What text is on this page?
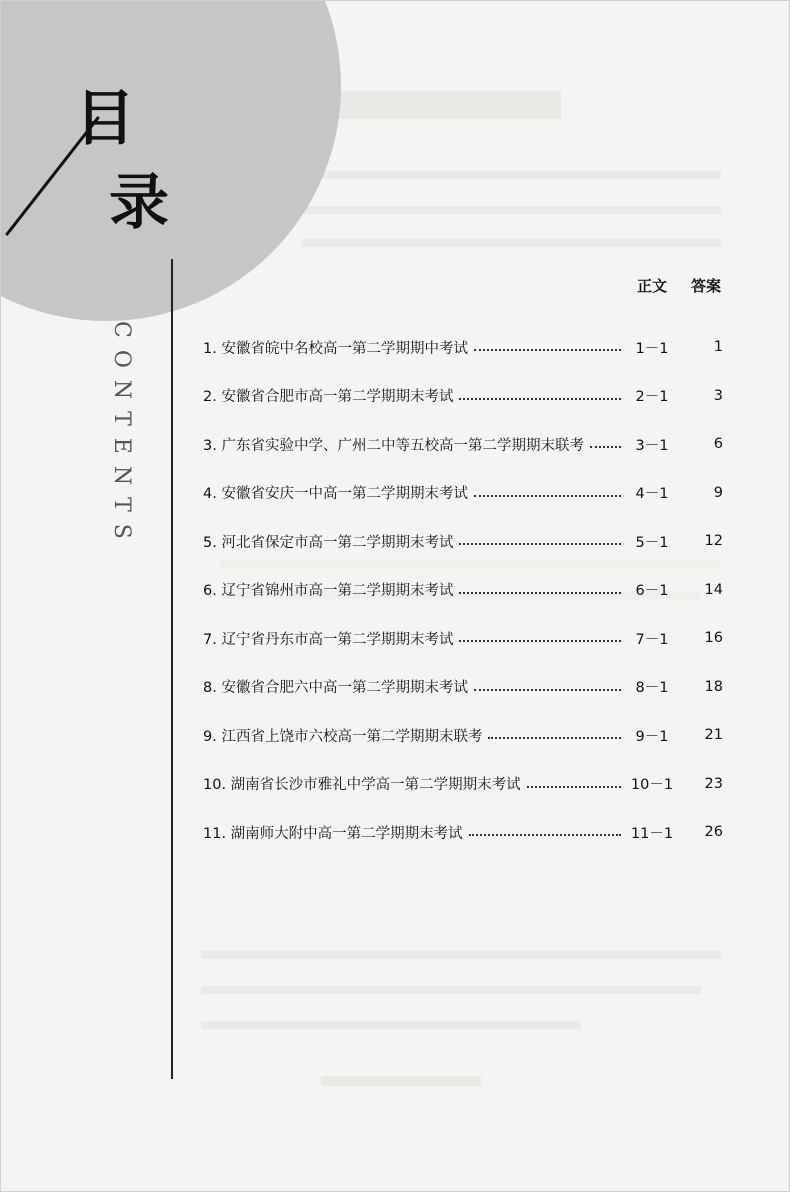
目
录
CONTENTS
正文 答案
1. 安徽省皖中名校高一第二学期期中考试	1－1	1
2. 安徽省合肥市高一第二学期期末考试	2－1	3
3. 广东省实验中学、广州二中等五校高一第二学期期末联考	3－1	6
4. 安徽省安庆一中高一第二学期期末考试	4－1	9
5. 河北省保定市高一第二学期期末考试	5－1	12
6. 辽宁省锦州市高一第二学期期末考试	6－1	14
7. 辽宁省丹东市高一第二学期期末考试	7－1	16
8. 安徽省合肥六中高一第二学期期末考试	8－1	18
9. 江西省上饶市六校高一第二学期期末联考	9－1	21
10. 湖南省长沙市雅礼中学高一第二学期期末考试	10－1	23
11. 湖南师大附中高一第二学期期末考试	11－1	26
